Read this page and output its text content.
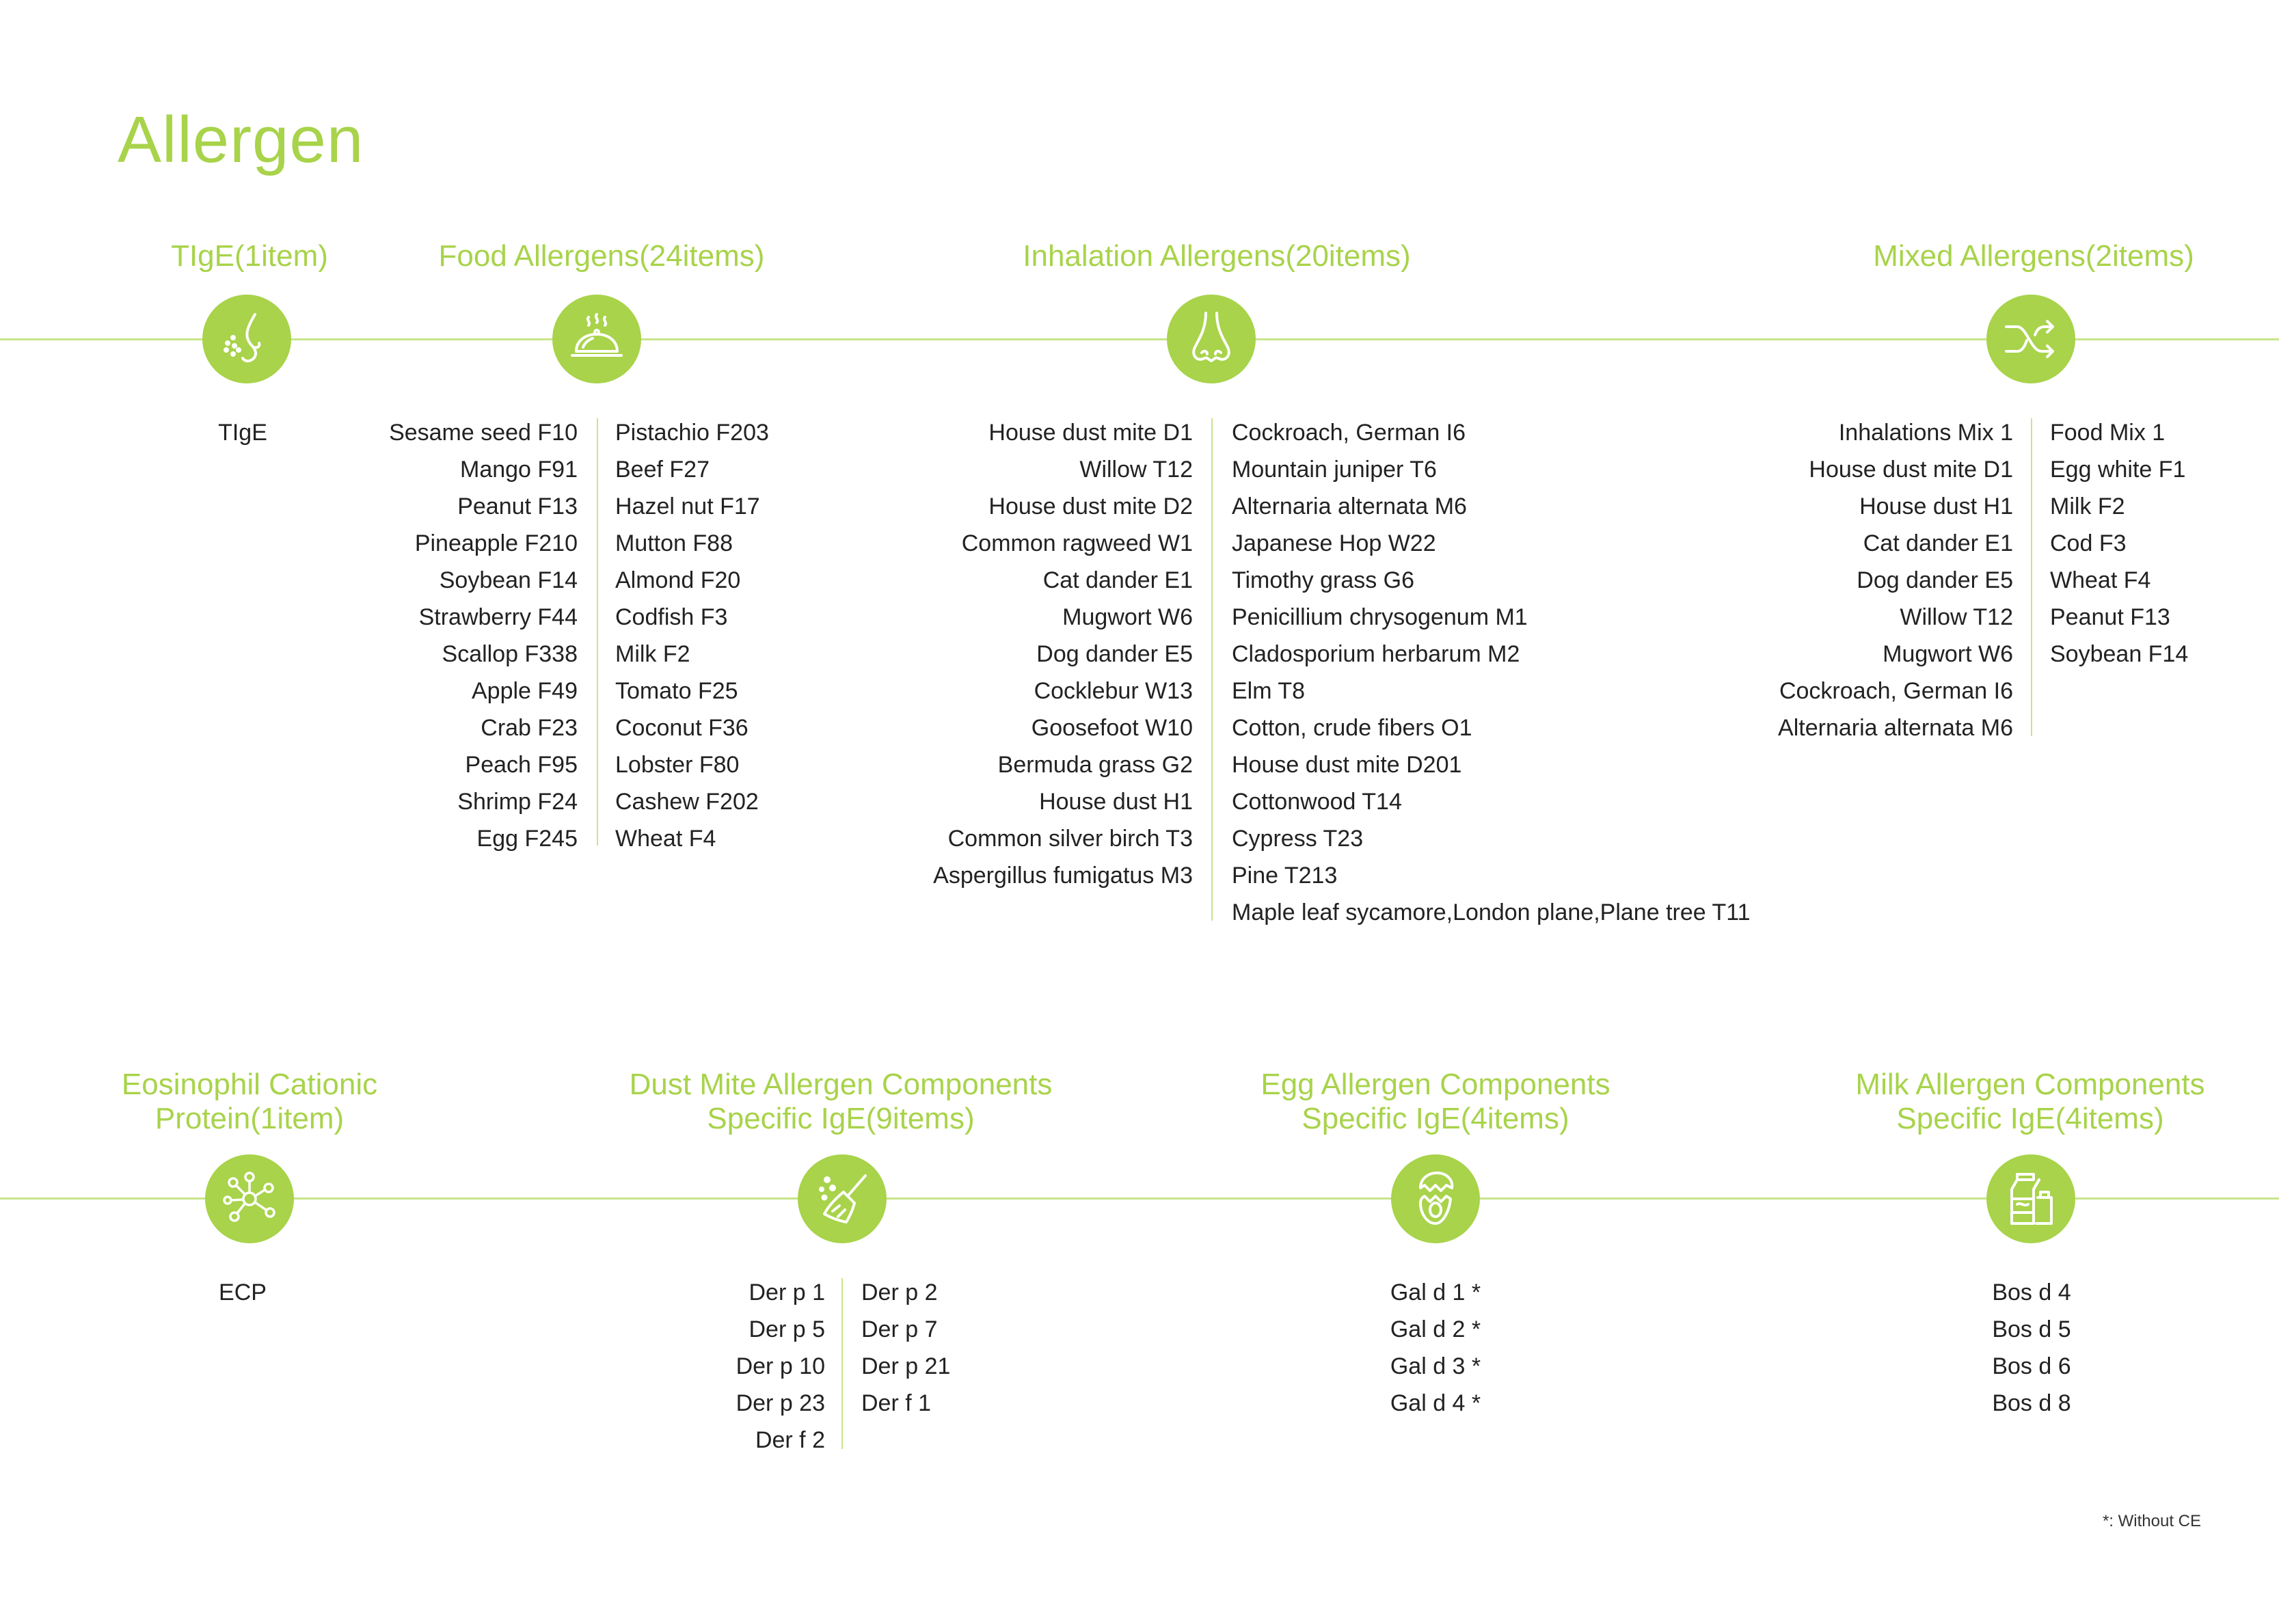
Allergen
TIgE(1item)
TIgE
Food Allergens(24items)
Sesame seed F10
Mango F91
Peanut F13
Pineapple F210
Soybean F14
Strawberry F44
Scallop F338
Apple F49
Crab F23
Peach F95
Shrimp F24
Egg F245
Pistachio F203
Beef F27
Hazel nut F17
Mutton F88
Almond F20
Codfish F3
Milk F2
Tomato F25
Coconut F36
Lobster F80
Cashew F202
Wheat F4
Inhalation Allergens(20items)
House dust mite D1
Willow T12
House dust mite D2
Common ragweed W1
Cat dander E1
Mugwort W6
Dog dander E5
Cocklebur W13
Goosefoot W10
Bermuda grass G2
House dust H1
Common silver birch T3
Aspergillus fumigatus M3
Cockroach, German I6
Mountain juniper T6
Alternaria alternata M6
Japanese Hop W22
Timothy grass G6
Penicillium chrysogenum M1
Cladosporium herbarum M2
Elm T8
Cotton, crude fibers O1
House dust mite D201
Cottonwood T14
Cypress T23
Pine T213
Maple leaf sycamore,London plane,Plane tree T11
Mixed Allergens(2items)
Inhalations Mix 1
House dust mite D1
House dust H1
Cat dander E1
Dog dander E5
Willow T12
Mugwort W6
Cockroach, German I6
Alternaria alternata M6
Food Mix 1
Egg white F1
Milk F2
Cod F3
Wheat F4
Peanut F13
Soybean F14
Eosinophil Cationic
Protein(1item)
ECP
Dust Mite Allergen Components
Specific IgE(9items)
Der p 1
Der p 5
Der p 10
Der p 23
Der f 2
Der p 2
Der p 7
Der p 21
Der f 1
Egg Allergen Components
Specific IgE(4items)
Gal d 1 *
Gal d 2 *
Gal d 3 *
Gal d 4 *
Milk Allergen Components
Specific IgE(4items)
Bos d 4
Bos d 5
Bos d 6
Bos d 8
*: Without CE
